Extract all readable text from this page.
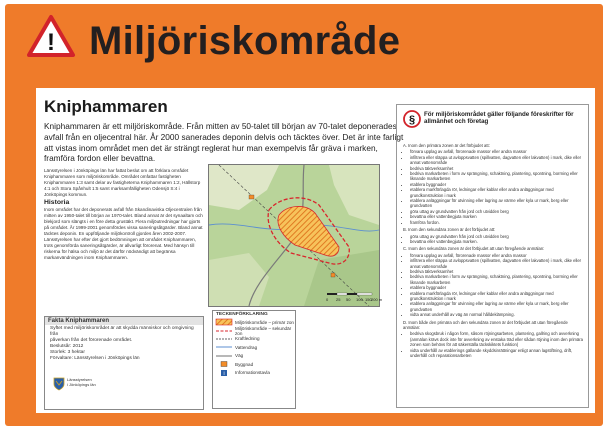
! Miljöriskområde
Kniphammaren
Kniphammaren är ett miljöriskområde. Från mitten av 50-talet till början av 70-talet deponerades avfall från en oljecentral här. År 2000 sanerades deponin delvis och täcktes över. Det är inte farligt att vistas inom området men det är strängt reglerat hur man exempelvis får gräva i marken, framföra fordon eller bevattna.

Länsstyrelsen i Jönköpings län har fattat beslut om att förklara området Kniphammaren som miljöriskområde. Området omfattar fastigheten Kniphammaren 1:3 samt delar av fastigheterna Kniphammaren 1:2, Hällstorp 4:1 och Stora Spånhult 1:5 samt marksamfälligheten Odensjö S:4 i Jönköpings kommun.

Historia

Inom området har det deponerats avfall från Skandinaviska Oljecentralen från mitten av 1950-talet till början av 1970-talet. Bland annat är det synaaltam och blekjord som slängts i en före detta grustäkt. Flera miljöutredningar har gjorts på området. År 1999-2001 genomfördes vissa saneringsåtgärder. Bland annat täcktes deponin. En uppföljande miljökontroll gjordes åren 2002-2007. Länsstyrelsen har efter det gjort bedömningen att området Kniphammaren, trots genomförda saneringsåtgärder, är allvarligt förorenat. Med hänsyn till riskerna för hälsa och miljö är det därför nödvändigt att begränsa markanvändningen inom Kniphammaren.

0 25 50 100 150200 m
Fakta Kniphammaren

Syftet med miljöriskområdet är att skydda människor och omgivning från

påverkan från det förorenade området.

Beslutsår: 2012

Storlek: 3 hektar

Förvaltare: Länsstyrelsen i Jönköpings län

Länsstyrelsen
i Jönköpings län
TECKENFÖRKLARING
Miljöriskområde – primär zon
Miljöriskområde – sekundär zon
Kraftledning
Vattendrag
Väg
Byggnad
i Informationstavla
§ För miljöriskområdet gäller följande föreskrifter för allmänhet och företag

A. Inom den primära zonen är det förbjudet att:

• förvara upplag av avfall, förorenade massor eller andra massor
• infiltrera eller släppa ut avloppsvatten (spillvatten, dagvatten eller lakvatten) i mark, dike eller annat vattenområde
• bedriva täktverksamhet
• bedriva markarbeten i form av sprängning, schaktning, plantering, spontning, borrning eller liknande markarbeten
• etablera byggnader
• etablera markförlagda rör, ledningar eller kablar eller andra anläggningar med grundkonstruktion i mark
• etablera anläggningar för utvinning eller lagring av värme eller kyla ur mark, berg eller grundvatten
• göra uttag av grundvatten från jord och utvidden berg
• bevattna eller vattenbegjuta marken
• framföra fordon.

B. Inom den sekundära zonen är det förbjudet att:

• göra uttag av grundvatten från jord och utvidden berg
• bevattna eller vattenbegjuta marken.

C. Inom den sekundära zonen är det förbjudet att utan föregående anmälan:

• förvara upplag av avfall, förorenade massor eller andra massor
• infiltrera eller släppa ut avloppsvatten (spillvatten, dagvatten eller lakvatten) i mark, dike eller annat vattenområde
• bedriva täktverksamhet
• bedriva markarbeten i form av sprängning, schaktning, plantering, spontning, borrning eller liknande markarbeten
• etablera byggnader
• etablera markförlagda rör, ledningar eller kablar eller andra anläggningar med grundkonstruktion i mark
• etablera anläggningar för utvinning eller lagring av värme eller kyla ur mark, berg eller grundvatten
• vidta annat underhåll av väg än normal hålldeklämpning.

D. Inom både den primära och den sekundära zonen är det förbjudet att utan föregående anmälan:

• bedriva skogsbruk i någon form, såsom röjningsarbeten, plantering, gallring och avverkning (anmälan krävs dock inte för avverkning av enstaka träd eller sådan röjning inom den primära zonen som behövs för att säkerställa täckskiktets funktion)
• vidta underhåll av etablerings gällande skyddsinrättningar enligt annan lagstiftning, drift, underhåll och reparationsarbeten
